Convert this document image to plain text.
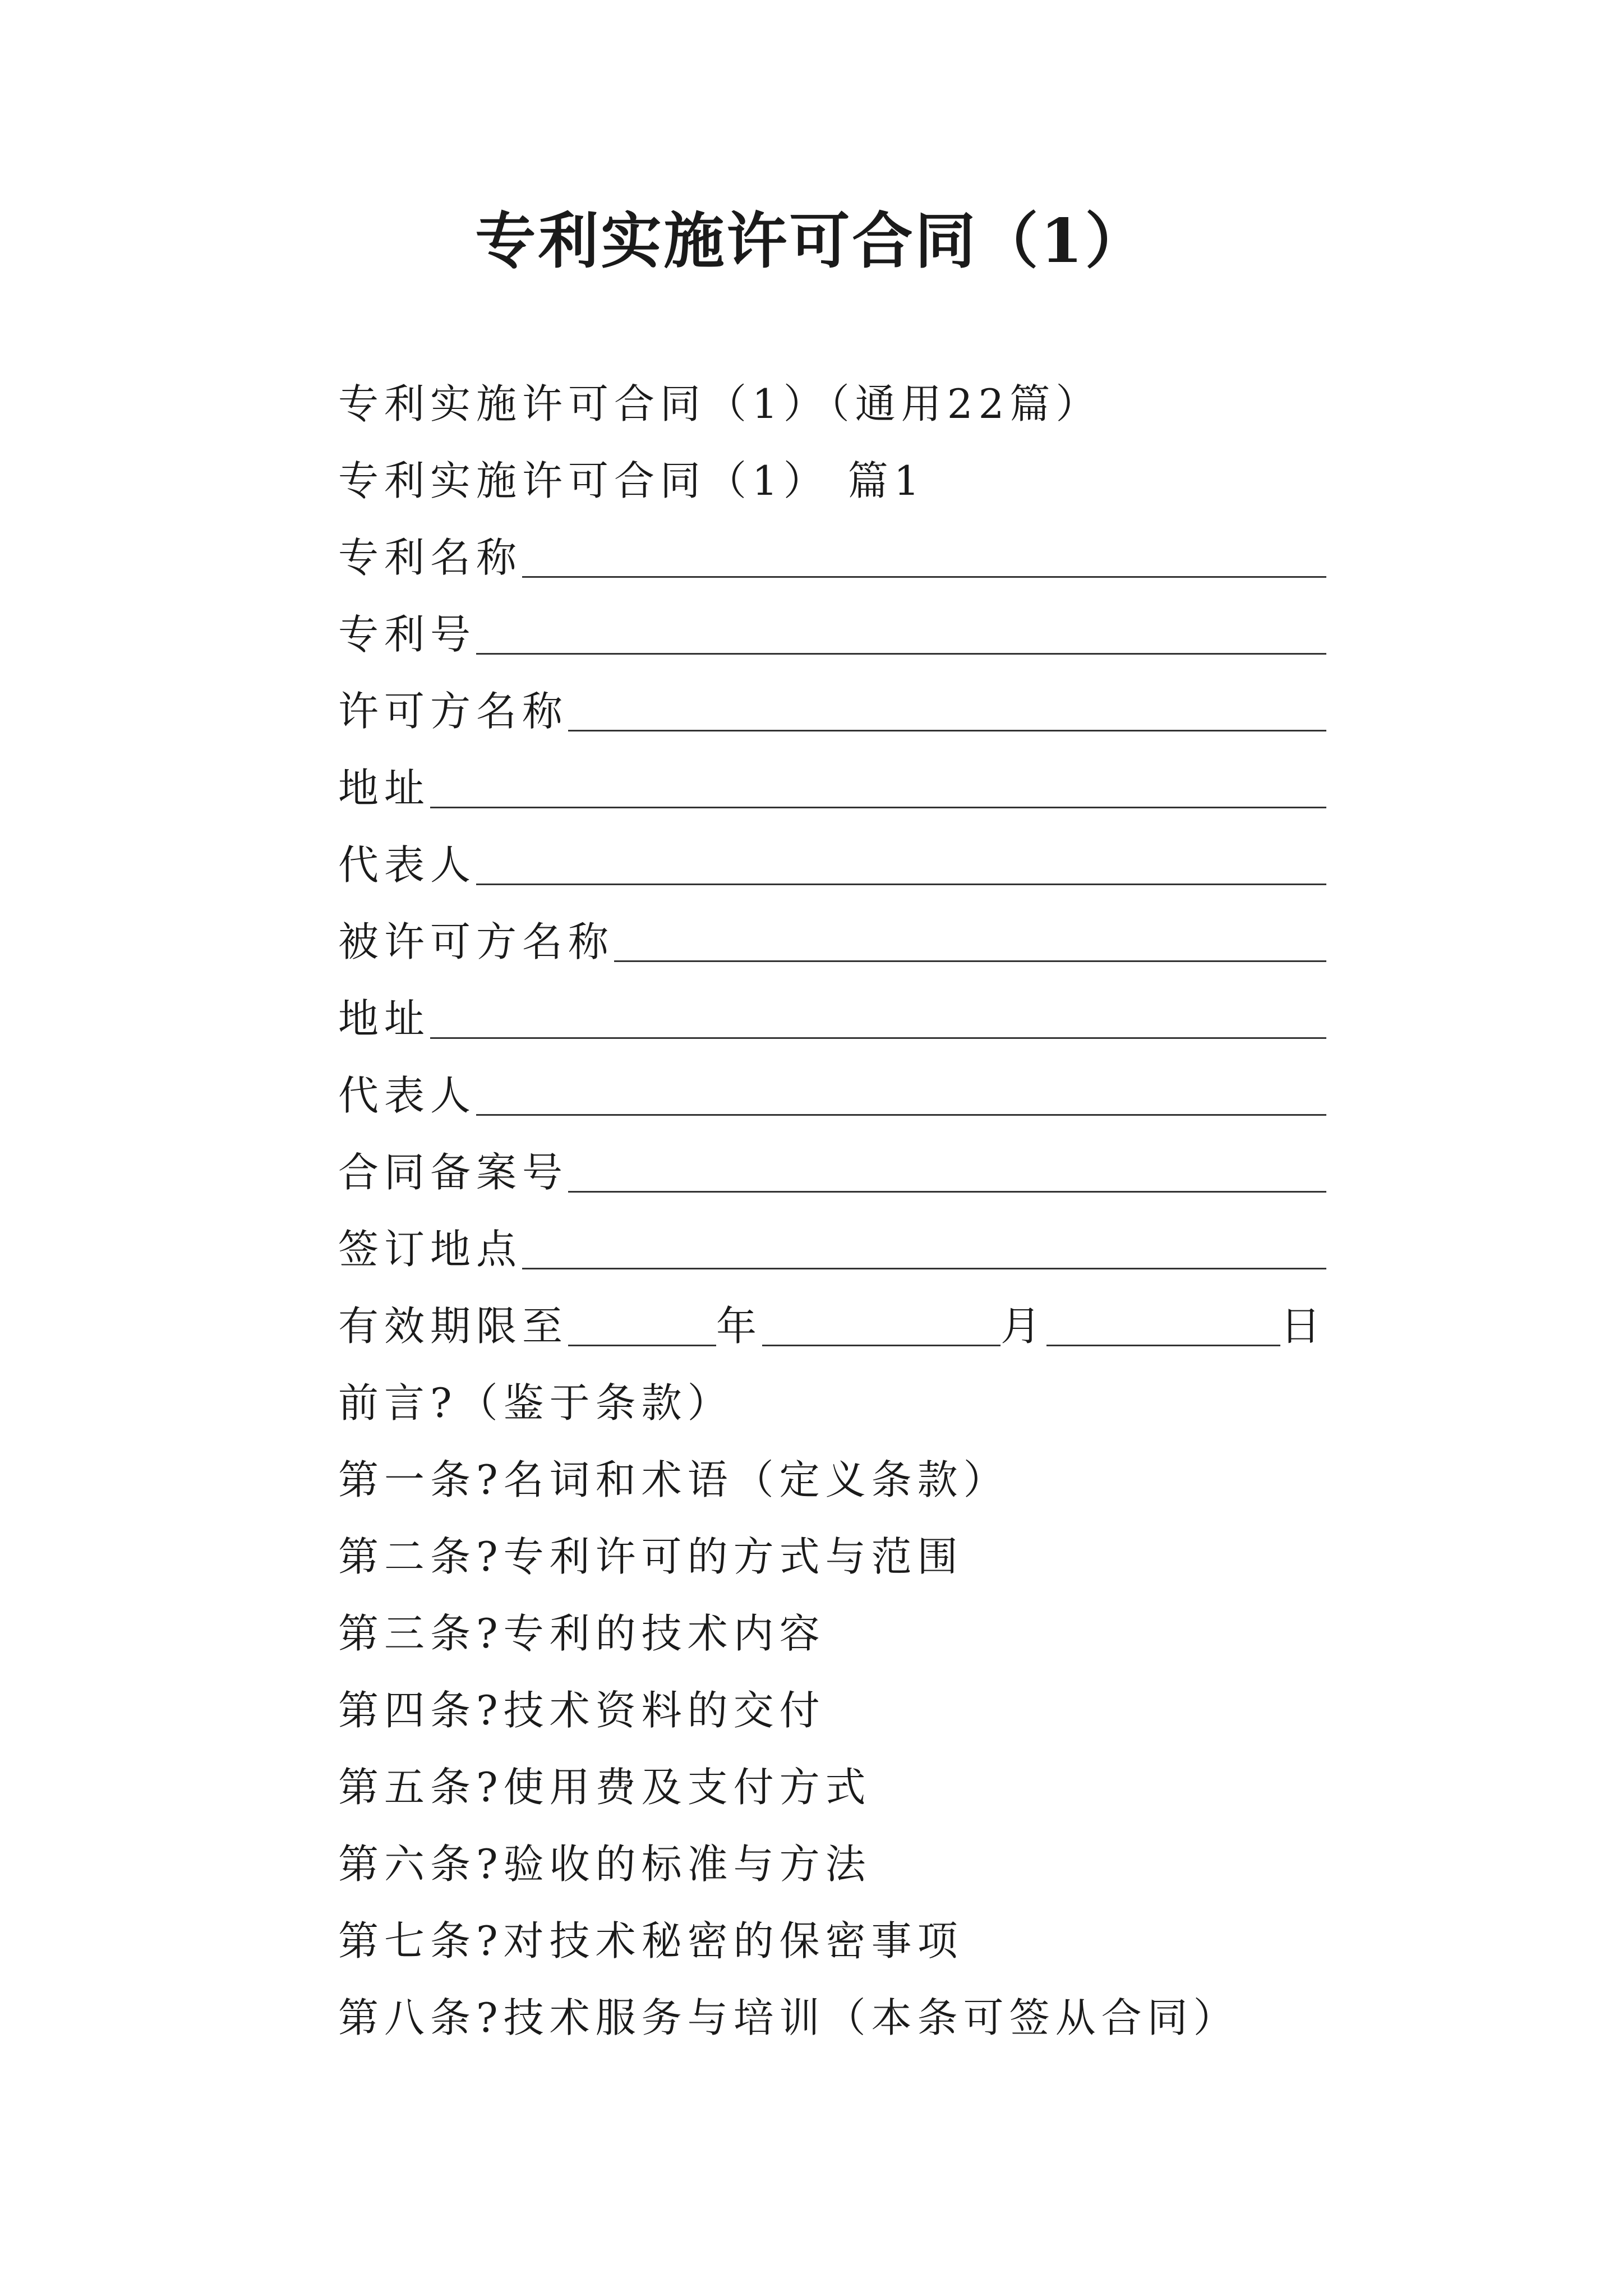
专利实施许可合同（1）
专利实施许可合同（1）（通用22篇）
专利实施许可合同（1） 篇1
专利名称
专利号
许可方名称
地址
代表人
被许可方名称
地址
代表人
合同备案号
签订地点
有效期限至	年	月	日
前言?（鉴于条款）
第一条?名词和术语（定义条款）
第二条?专利许可的方式与范围
第三条?专利的技术内容
第四条?技术资料的交付
第五条?使用费及支付方式
第六条?验收的标准与方法
第七条?对技术秘密的保密事项
第八条?技术服务与培训（本条可签从合同）
